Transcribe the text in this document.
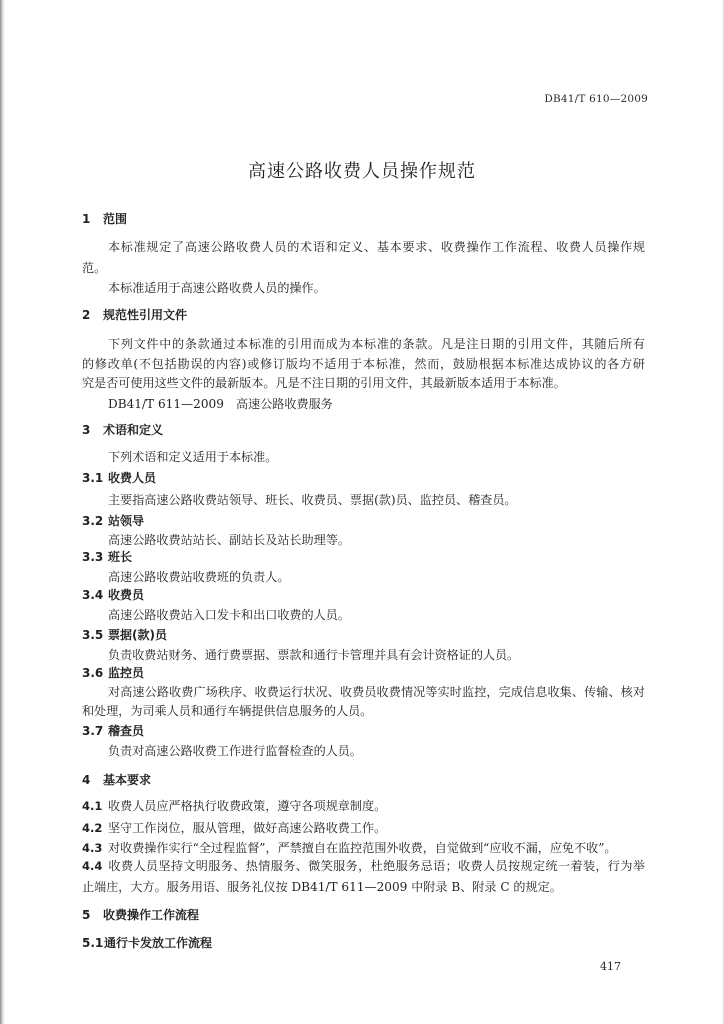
DB41/T 610—2009
高速公路收费人员操作规范
1 范围
本标准规定了高速公路收费人员的术语和定义、基本要求、收费操作工作流程、收费人员操作规
范。
本标准适用于高速公路收费人员的操作。
2 规范性引用文件
下列文件中的条款通过本标准的引用而成为本标准的条款。凡是注日期的引用文件，其随后所有
的修改单(不包括勘误的内容)或修订版均不适用于本标准，然而，鼓励根据本标准达成协议的各方研
究是否可使用这些文件的最新版本。凡是不注日期的引用文件，其最新版本适用于本标准。
DB41/T 611—2009　高速公路收费服务
3 术语和定义
下列术语和定义适用于本标准。
3.1 收费人员
主要指高速公路收费站领导、班长、收费员、票据(款)员、监控员、稽查员。
3.2 站领导
高速公路收费站站长、副站长及站长助理等。
3.3 班长
高速公路收费站收费班的负责人。
3.4 收费员
高速公路收费站入口发卡和出口收费的人员。
3.5 票据(款)员
负责收费站财务、通行费票据、票款和通行卡管理并具有会计资格证的人员。
3.6 监控员
对高速公路收费广场秩序、收费运行状况、收费员收费情况等实时监控，完成信息收集、传输、核对
和处理，为司乘人员和通行车辆提供信息服务的人员。
3.7 稽查员
负责对高速公路收费工作进行监督检查的人员。
4 基本要求
4.1 收费人员应严格执行收费政策，遵守各项规章制度。
4.2 坚守工作岗位，服从管理，做好高速公路收费工作。
4.3 对收费操作实行“全过程监督”，严禁擅自在监控范围外收费，自觉做到“应收不漏，应免不收”。
4.4 收费人员坚持文明服务、热情服务、微笑服务，杜绝服务忌语；收费人员按规定统一着装，行为举
止端庄，大方。服务用语、服务礼仪按 DB41/T 611—2009 中附录 B、附录 C 的规定。
5 收费操作工作流程
5.1通行卡发放工作流程
417
